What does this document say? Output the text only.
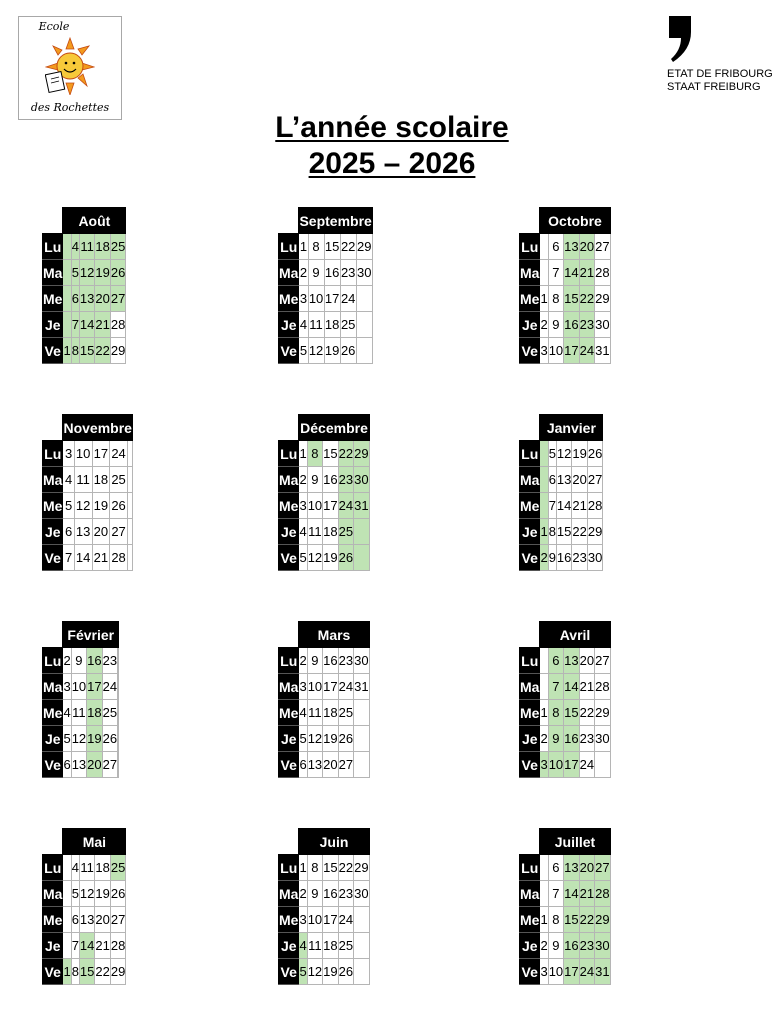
Ecole
des Rochettes
ETAT DE FRIBOURG
STAAT FREIBURG
L’année scolaire
2025 – 2026
	Août				
Lu		4	11	18	25
Ma		5	12	19	26
Me		6	13	20	27
Je		7	14	21	28
Ve	1	8	15	22	29
	Septembre				
Lu	1	8	15	22	29
Ma	2	9	16	23	30
Me	3	10	17	24	
Je	4	11	18	25	
Ve	5	12	19	26	
	Octobre				
Lu		6	13	20	27
Ma		7	14	21	28
Me	1	8	15	22	29
Je	2	9	16	23	30
Ve	3	10	17	24	31
	Novembre				
Lu	3	10	17	24	
Ma	4	11	18	25	
Me	5	12	19	26	
Je	6	13	20	27	
Ve	7	14	21	28	
	Décembre				
Lu	1	8	15	22	29
Ma	2	9	16	23	30
Me	3	10	17	24	31
Je	4	11	18	25	
Ve	5	12	19	26	
	Janvier				
Lu		5	12	19	26
Ma		6	13	20	27
Me		7	14	21	28
Je	1	8	15	22	29
Ve	2	9	16	23	30
	Février				
Lu	2	9	16	23	
Ma	3	10	17	24	
Me	4	11	18	25	
Je	5	12	19	26	
Ve	6	13	20	27	
	Mars				
Lu	2	9	16	23	30
Ma	3	10	17	24	31
Me	4	11	18	25	
Je	5	12	19	26	
Ve	6	13	20	27	
	Avril				
Lu		6	13	20	27
Ma		7	14	21	28
Me	1	8	15	22	29
Je	2	9	16	23	30
Ve	3	10	17	24	
	Mai				
Lu		4	11	18	25
Ma		5	12	19	26
Me		6	13	20	27
Je		7	14	21	28
Ve	1	8	15	22	29
	Juin				
Lu	1	8	15	22	29
Ma	2	9	16	23	30
Me	3	10	17	24	
Je	4	11	18	25	
Ve	5	12	19	26	
	Juillet				
Lu		6	13	20	27
Ma		7	14	21	28
Me	1	8	15	22	29
Je	2	9	16	23	30
Ve	3	10	17	24	31
